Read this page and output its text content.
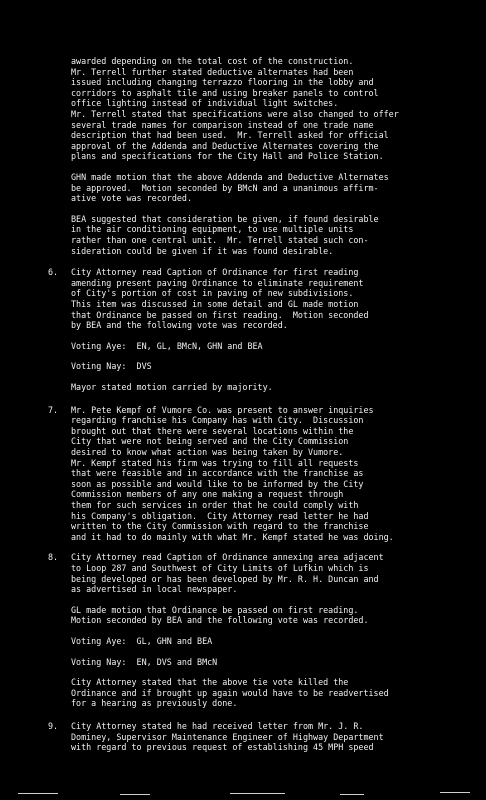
awarded depending on the total cost of the construction.
Mr. Terrell further stated deductive alternates had been
issued including changing terrazzo flooring in the lobby and
corridors to asphalt tile and using breaker panels to control
office lighting instead of individual light switches.
Mr. Terrell stated that specifications were also changed to offer
several trade names for comparison instead of one trade name
description that had been used.  Mr. Terrell asked for official
approval of the Addenda and Deductive Alternates covering the
plans and specifications for the City Hall and Police Station.
GHN made motion that the above Addenda and Deductive Alternates
be approved.  Motion seconded by BMcN and a unanimous affirm-
ative vote was recorded.
BEA suggested that consideration be given, if found desirable
in the air conditioning equipment, to use multiple units
rather than one central unit.  Mr. Terrell stated such con-
sideration could be given if it was found desirable.
6. City Attorney read Caption of Ordinance for first reading
amending present paving Ordinance to eliminate requirement
of City's portion of cost in paving of new subdivisions.
This item was discussed in some detail and GL made motion
that Ordinance be passed on first reading.  Motion seconded
by BEA and the following vote was recorded.
Voting Aye:  EN, GL, BMcN, GHN and BEA
Voting Nay:  DVS
Mayor stated motion carried by majority.
7. Mr. Pete Kempf of Vumore Co. was present to answer inquiries
regarding franchise his Company has with City.  Discussion
brought out that there were several locations within the
City that were not being served and the City Commission
desired to know what action was being taken by Vumore.
Mr. Kempf stated his firm was trying to fill all requests
that were feasible and in accordance with the franchise as
soon as possible and would like to be informed by the City
Commission members of any one making a request through
them for such services in order that he could comply with
his Company's obligation.  City Attorney read letter he had
written to the City Commission with regard to the franchise
and it had to do mainly with what Mr. Kempf stated he was doing.
8. City Attorney read Caption of Ordinance annexing area adjacent
to Loop 287 and Southwest of City Limits of Lufkin which is
being developed or has been developed by Mr. R. H. Duncan and
as advertised in local newspaper.
GL made motion that Ordinance be passed on first reading.
Motion seconded by BEA and the following vote was recorded.
Voting Aye:  GL, GHN and BEA
Voting Nay:  EN, DVS and BMcN
City Attorney stated that the above tie vote killed the
Ordinance and if brought up again would have to be readvertised
for a hearing as previously done.
9. City Attorney stated he had received letter from Mr. J. R.
Dominey, Supervisor Maintenance Engineer of Highway Department
with regard to previous request of establishing 45 MPH speed
